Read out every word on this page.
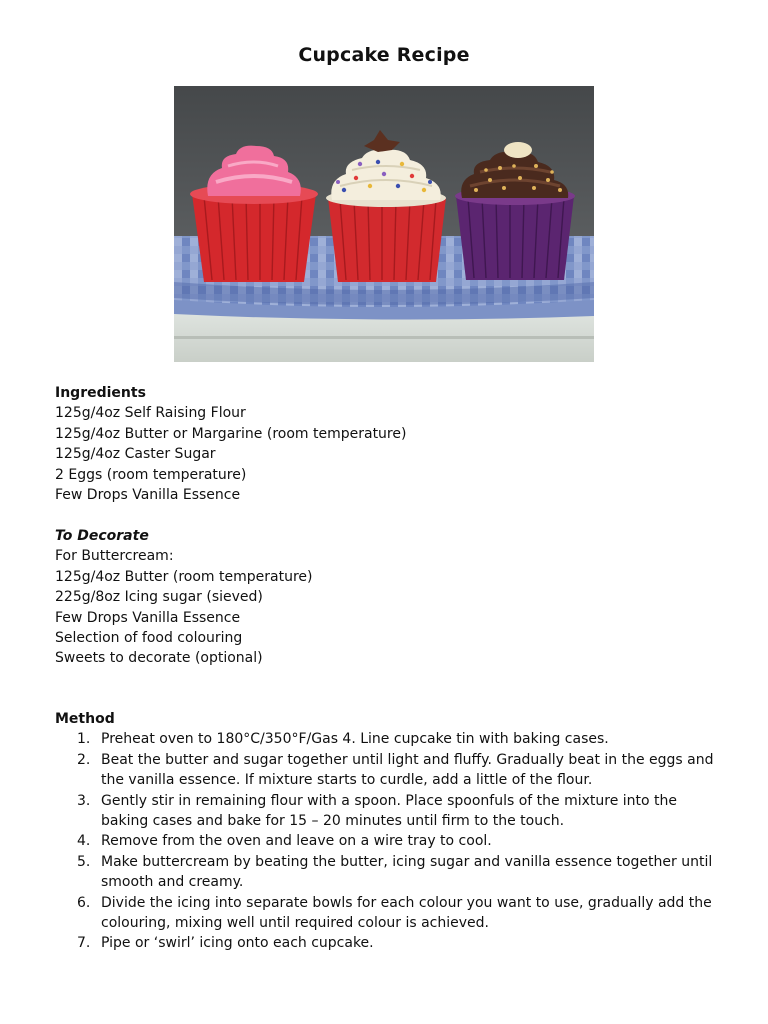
Cupcake Recipe

Ingredients

125g/4oz Self Raising Flour

125g/4oz Butter or Margarine (room temperature)

125g/4oz Caster Sugar

2 Eggs (room temperature)

Few Drops Vanilla Essence

To Decorate

For Buttercream:

125g/4oz Butter (room temperature)

225g/8oz Icing sugar (sieved)

Few Drops Vanilla Essence

Selection of food colouring

Sweets to decorate (optional)

Method

1. Preheat oven to 180°C/350°F/Gas 4. Line cupcake tin with baking cases.
2. Beat the butter and sugar together until light and fluffy. Gradually beat in the eggs and the vanilla essence. If mixture starts to curdle, add a little of the flour.
3. Gently stir in remaining flour with a spoon. Place spoonfuls of the mixture into the baking cases and bake for 15 – 20 minutes until firm to the touch.
4. Remove from the oven and leave on a wire tray to cool.
5. Make buttercream by beating the butter, icing sugar and vanilla essence together until smooth and creamy.
6. Divide the icing into separate bowls for each colour you want to use, gradually add the colouring, mixing well until required colour is achieved.
7. Pipe or ‘swirl’ icing onto each cupcake.
